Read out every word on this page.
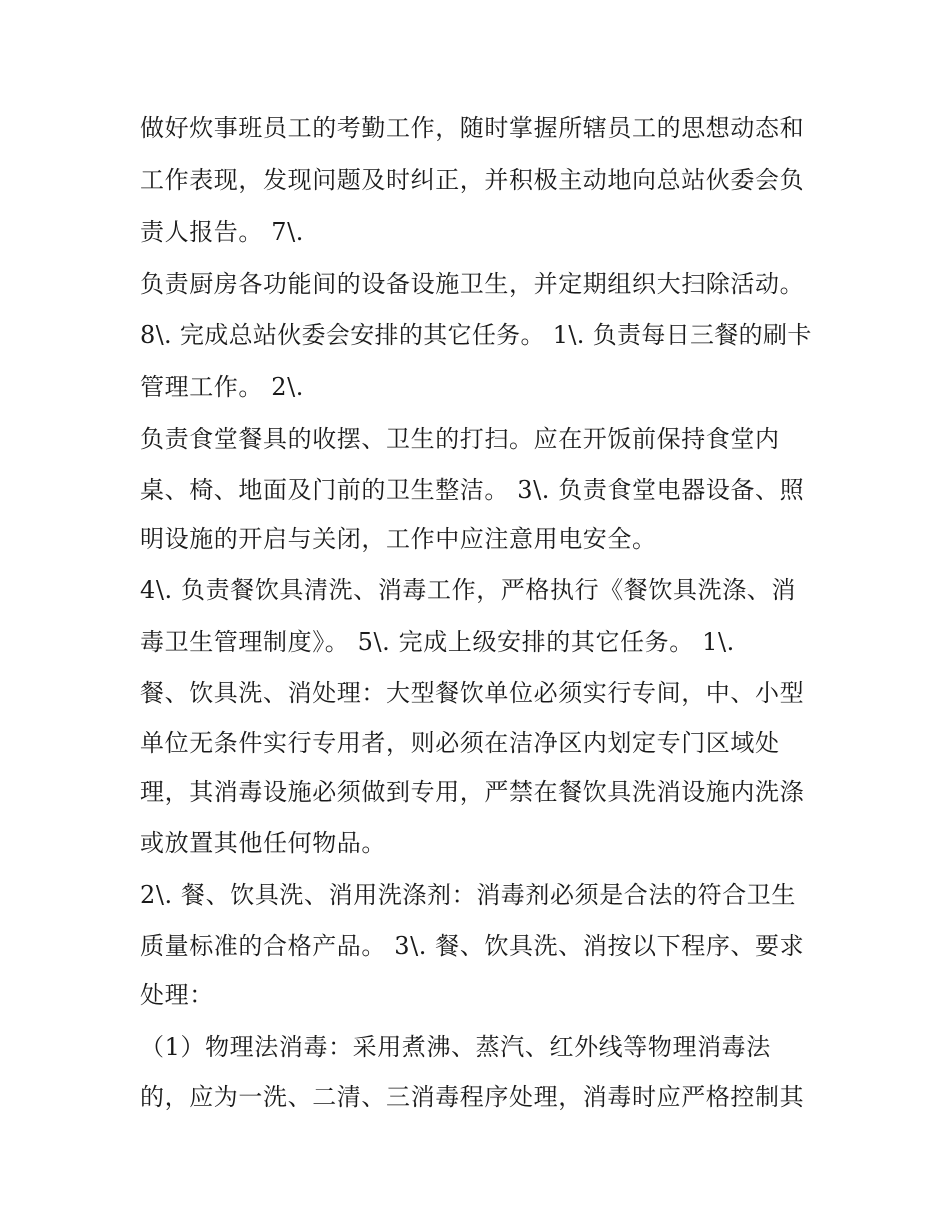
做好炊事班员工的考勤工作，随时掌握所辖员工的思想动态和
工作表现，发现问题及时纠正，并积极主动地向总站伙委会负
责人报告。 7\.
负责厨房各功能间的设备设施卫生，并定期组织大扫除活动。
8\. 完成总站伙委会安排的其它任务。 1\. 负责每日三餐的刷卡
管理工作。 2\.
负责食堂餐具的收摆、卫生的打扫。应在开饭前保持食堂内
桌、椅、地面及门前的卫生整洁。 3\. 负责食堂电器设备、照
明设施的开启与关闭，工作中应注意用电安全。
4\. 负责餐饮具清洗、消毒工作，严格执行《餐饮具洗涤、消
毒卫生管理制度》。 5\. 完成上级安排的其它任务。 1\.
餐、饮具洗、消处理：大型餐饮单位必须实行专间，中、小型
单位无条件实行专用者，则必须在洁净区内划定专门区域处
理，其消毒设施必须做到专用，严禁在餐饮具洗消设施内洗涤
或放置其他任何物品。
2\. 餐、饮具洗、消用洗涤剂：消毒剂必须是合法的符合卫生
质量标准的合格产品。 3\. 餐、饮具洗、消按以下程序、要求
处理：
（1）物理法消毒：采用煮沸、蒸汽、红外线等物理消毒法
的，应为一洗、二清、三消毒程序处理，消毒时应严格控制其
